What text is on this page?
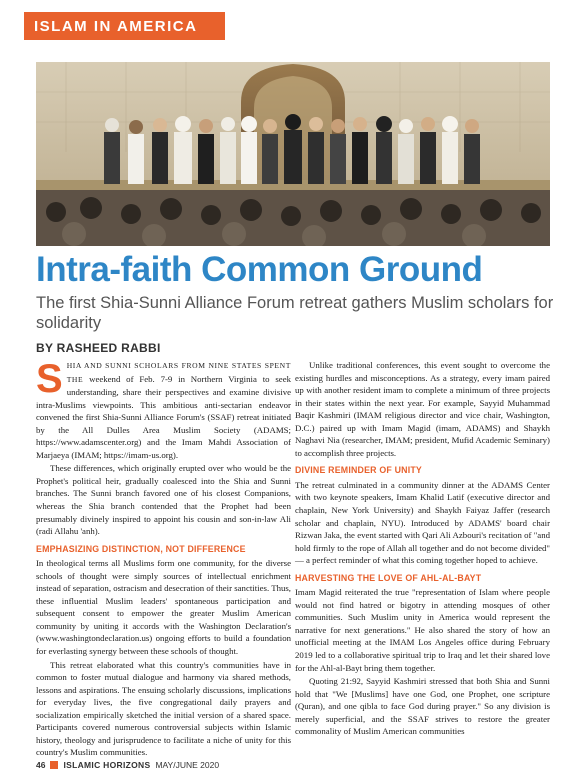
ISLAM IN AMERICA
Intra-faith Common Ground
The first Shia-Sunni Alliance Forum retreat gathers Muslim scholars for solidarity
BY RASHEED RABBI

SHIA AND SUNNI SCHOLARS FROM NINE STATES SPENT THE weekend of Feb. 7-9 in Northern Virginia to seek understanding, share their perspectives and examine divisive intra-Muslims viewpoints. This ambitious anti-sectarian endeavor convened the first Shia-Sunni Alliance Forum's (SSAF) retreat initiated by the All Dulles Area Muslim Society (ADAMS; https://www.adamscenter.org) and the Imam Mahdi Association of Marjaeya (IMAM; https://imam-us.org).

These differences, which originally erupted over who would be the Prophet's political heir, gradually coalesced into the Shia and Sunni branches. The Sunni branch favored one of his closest Companions, whereas the Shia branch contended that the Prophet had been presumably divinely inspired to appoint his cousin and son-in-law Ali (radi Allahu 'anh).

EMPHASIZING DISTINCTION, NOT DIFFERENCE

In theological terms all Muslims form one community, for the diverse schools of thought were simply sources of intellectual enrichment instead of separation, ostracism and desecration of their sanctities. Thus, these influential Muslim leaders' spontaneous participation and subsequent consent to empower the greater Muslim American community by uniting it accords with the Washington Declaration's (www.washingtondeclaration.us) ongoing efforts to build a foundation for everlasting synergy between these schools of thought.

This retreat elaborated what this country's communities have in common to foster mutual dialogue and harmony via shared methods, lessons and aspirations. The ensuing scholarly discussions, implications for everyday lives, the five congregational daily prayers and socialization empirically sketched the initial version of a shared space. Participants covered numerous controversial subjects within Islamic history, theology and jurisprudence to facilitate a niche of unity for this country's Muslim communities.

Unlike traditional conferences, this event sought to overcome the existing hurdles and misconceptions. As a strategy, every imam paired up with another resident imam to complete a minimum of three projects in their states within the next year. For example, Sayyid Muhammad Baqir Kashmiri (IMAM religious director and vice chair, Washington, D.C.) paired up with Imam Magid (imam, ADAMS) and Shaykh Naghavi Nia (researcher, IMAM; president, Mufid Academic Seminary) to accomplish three projects.

DIVINE REMINDER OF UNITY

The retreat culminated in a community dinner at the ADAMS Center with two keynote speakers, Imam Khalid Latif (executive director and chaplain, New York University) and Shaykh Faiyaz Jaffer (research scholar and chaplain, NYU). Introduced by ADAMS' board chair Rizwan Jaka, the event started with Qari Ali Azbouri's recitation of "and hold firmly to the rope of Allah all together and do not become divided" — a perfect reminder of what this coming together hoped to achieve.

HARVESTING THE LOVE OF AHL-AL-BAYT

Imam Magid reiterated the true "representation of Islam where people would not find hatred or bigotry in attending mosques of other communities. Such Muslim unity in America would represent the narrative for next generations." He also shared the story of how an unofficial meeting at the IMAM Los Angeles office during February 2019 led to a collaborative spiritual trip to Iraq and let their shared love for the Ahl-al-Bayt bring them together.

Quoting 21:92, Sayyid Kashmiri stressed that both Shia and Sunni hold that "We [Muslims] have one God, one Prophet, one scripture (Quran), and one qibla to face God during prayer." So any division is merely superficial, and the SSAF strives to restore the greater commonality of Muslim American communities

46 ISLAMIC HORIZONS MAY/JUNE 2020
